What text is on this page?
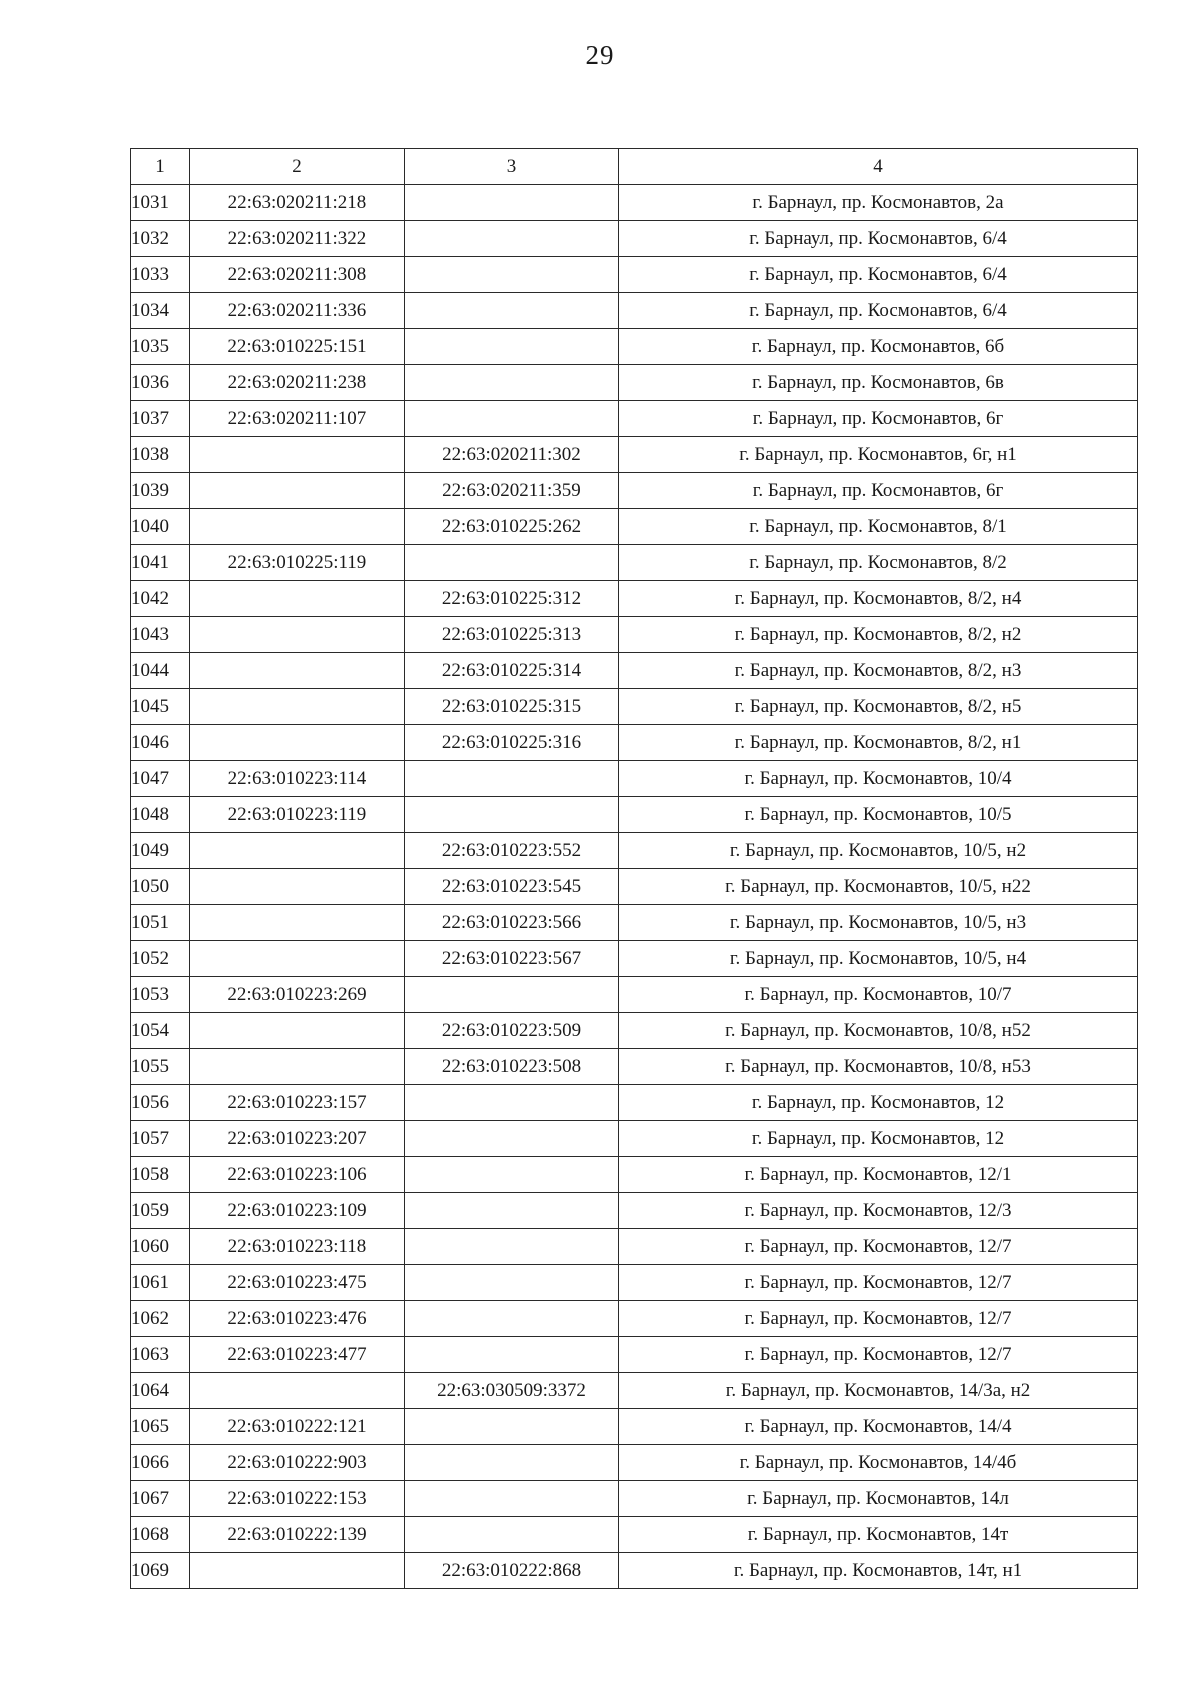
29
1	2	3	4
1031	22:63:020211:218		г. Барнаул, пр. Космонавтов, 2а
1032	22:63:020211:322		г. Барнаул, пр. Космонавтов, 6/4
1033	22:63:020211:308		г. Барнаул, пр. Космонавтов, 6/4
1034	22:63:020211:336		г. Барнаул, пр. Космонавтов, 6/4
1035	22:63:010225:151		г. Барнаул, пр. Космонавтов, 6б
1036	22:63:020211:238		г. Барнаул, пр. Космонавтов, 6в
1037	22:63:020211:107		г. Барнаул, пр. Космонавтов, 6г
1038		22:63:020211:302	г. Барнаул, пр. Космонавтов, 6г, н1
1039		22:63:020211:359	г. Барнаул, пр. Космонавтов, 6г
1040		22:63:010225:262	г. Барнаул, пр. Космонавтов, 8/1
1041	22:63:010225:119		г. Барнаул, пр. Космонавтов, 8/2
1042		22:63:010225:312	г. Барнаул, пр. Космонавтов, 8/2, н4
1043		22:63:010225:313	г. Барнаул, пр. Космонавтов, 8/2, н2
1044		22:63:010225:314	г. Барнаул, пр. Космонавтов, 8/2, н3
1045		22:63:010225:315	г. Барнаул, пр. Космонавтов, 8/2, н5
1046		22:63:010225:316	г. Барнаул, пр. Космонавтов, 8/2, н1
1047	22:63:010223:114		г. Барнаул, пр. Космонавтов, 10/4
1048	22:63:010223:119		г. Барнаул, пр. Космонавтов, 10/5
1049		22:63:010223:552	г. Барнаул, пр. Космонавтов, 10/5, н2
1050		22:63:010223:545	г. Барнаул, пр. Космонавтов, 10/5, н22
1051		22:63:010223:566	г. Барнаул, пр. Космонавтов, 10/5, н3
1052		22:63:010223:567	г. Барнаул, пр. Космонавтов, 10/5, н4
1053	22:63:010223:269		г. Барнаул, пр. Космонавтов, 10/7
1054		22:63:010223:509	г. Барнаул, пр. Космонавтов, 10/8, н52
1055		22:63:010223:508	г. Барнаул, пр. Космонавтов, 10/8, н53
1056	22:63:010223:157		г. Барнаул, пр. Космонавтов, 12
1057	22:63:010223:207		г. Барнаул, пр. Космонавтов, 12
1058	22:63:010223:106		г. Барнаул, пр. Космонавтов, 12/1
1059	22:63:010223:109		г. Барнаул, пр. Космонавтов, 12/3
1060	22:63:010223:118		г. Барнаул, пр. Космонавтов, 12/7
1061	22:63:010223:475		г. Барнаул, пр. Космонавтов, 12/7
1062	22:63:010223:476		г. Барнаул, пр. Космонавтов, 12/7
1063	22:63:010223:477		г. Барнаул, пр. Космонавтов, 12/7
1064		22:63:030509:3372	г. Барнаул, пр. Космонавтов, 14/3а, н2
1065	22:63:010222:121		г. Барнаул, пр. Космонавтов, 14/4
1066	22:63:010222:903		г. Барнаул, пр. Космонавтов, 14/4б
1067	22:63:010222:153		г. Барнаул, пр. Космонавтов, 14л
1068	22:63:010222:139		г. Барнаул, пр. Космонавтов, 14т
1069		22:63:010222:868	г. Барнаул, пр. Космонавтов, 14т, н1
